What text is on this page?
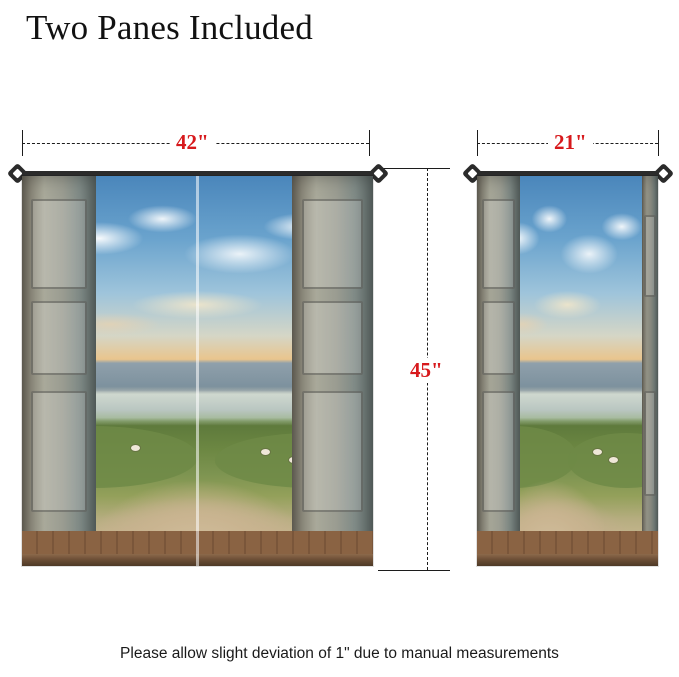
Two Panes Included
42"	21"
45"
Please allow slight deviation of 1" due to manual measurements
